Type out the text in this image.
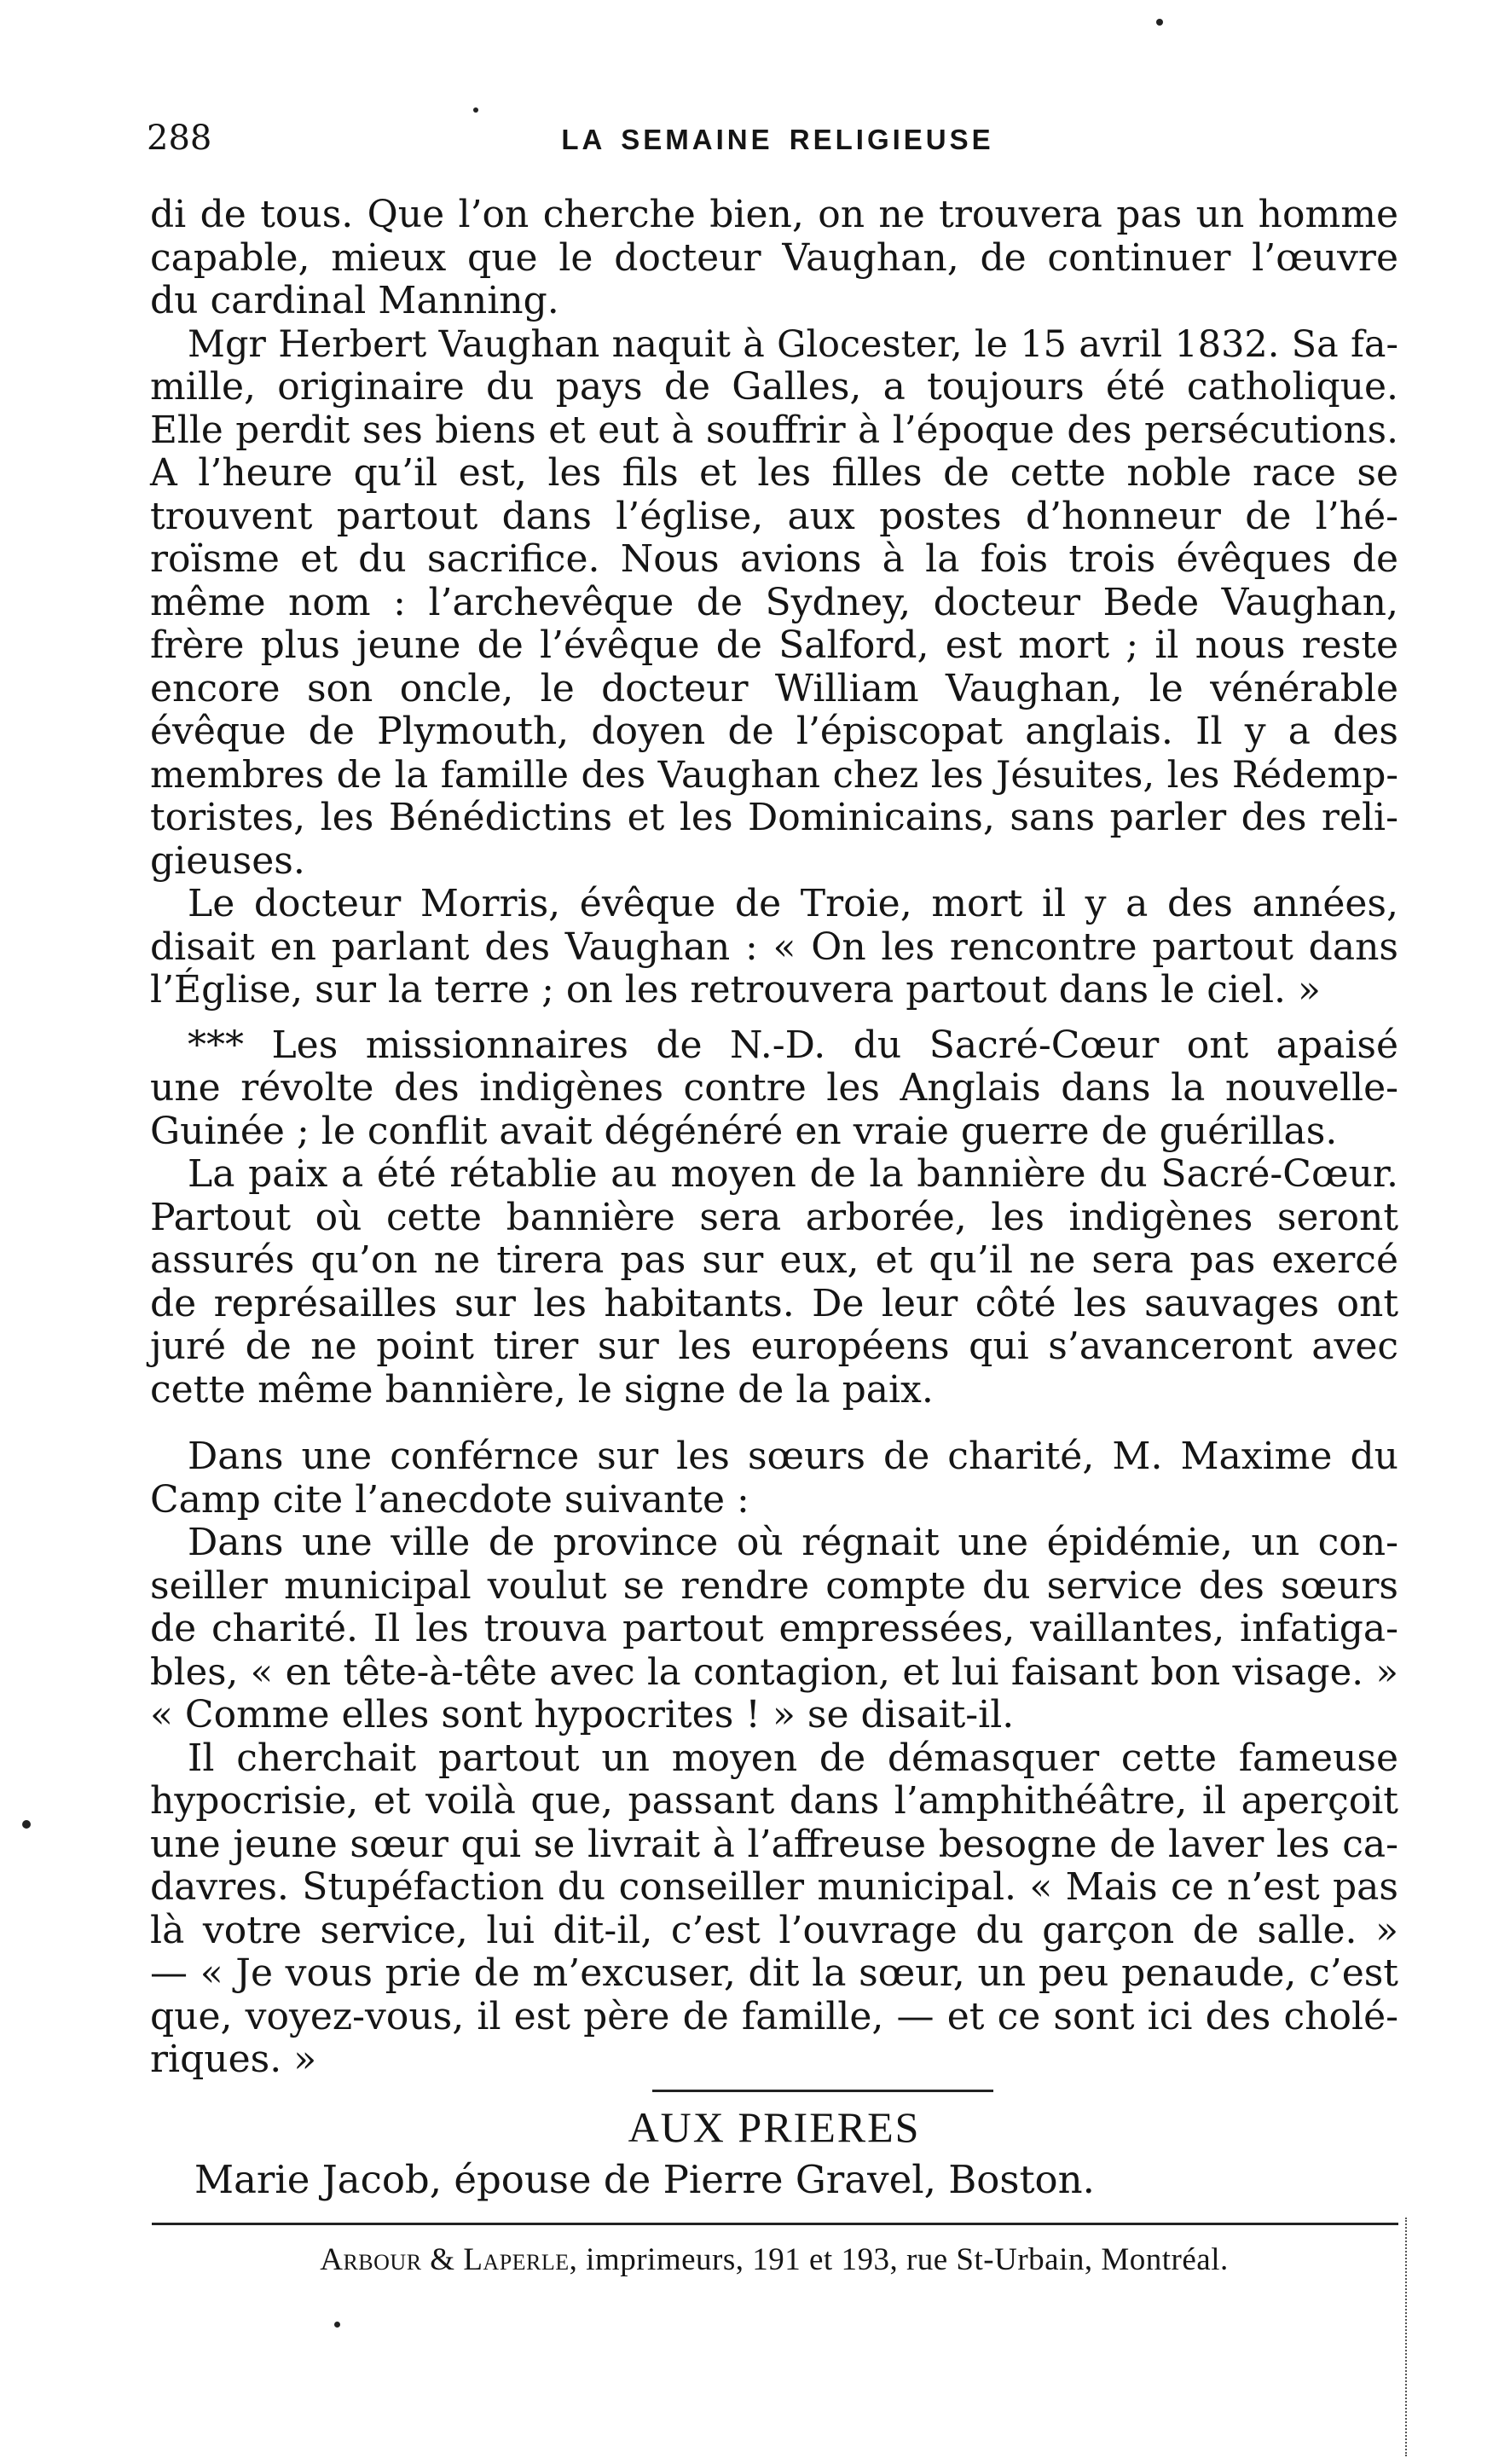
288	LA SEMAINE RELIGIEUSE
di de tous. Que l’on cherche bien, on ne trouvera pas un homme
capable, mieux que le docteur Vaughan, de continuer l’œuvre
du cardinal Manning.
Mgr Herbert Vaughan naquit à Glocester, le 15 avril 1832. Sa fa-
mille, originaire du pays de Galles, a toujours été catholique.
Elle perdit ses biens et eut à souffrir à l’époque des persécutions.
A l’heure qu’il est, les fils et les filles de cette noble race se
trouvent partout dans l’église, aux postes d’honneur de l’hé-
roïsme et du sacrifice. Nous avions à la fois trois évêques de
même nom : l’archevêque de Sydney, docteur Bede Vaughan,
frère plus jeune de l’évêque de Salford, est mort ; il nous reste
encore son oncle, le docteur William Vaughan, le vénérable
évêque de Plymouth, doyen de l’épiscopat anglais. Il y a des
membres de la famille des Vaughan chez les Jésuites, les Rédemp-
toristes, les Bénédictins et les Dominicains, sans parler des reli-
gieuses.
Le docteur Morris, évêque de Troie, mort il y a des années,
disait en parlant des Vaughan : « On les rencontre partout dans
l’Église, sur la terre ; on les retrouvera partout dans le ciel. »
*** Les missionnaires de N.-D. du Sacré-Cœur ont apaisé
une révolte des indigènes contre les Anglais dans la nouvelle-
Guinée ; le conflit avait dégénéré en vraie guerre de guérillas.
La paix a été rétablie au moyen de la bannière du Sacré-Cœur.
Partout où cette bannière sera arborée, les indigènes seront
assurés qu’on ne tirera pas sur eux, et qu’il ne sera pas exercé
de représailles sur les habitants. De leur côté les sauvages ont
juré de ne point tirer sur les européens qui s’avanceront avec
cette même bannière, le signe de la paix.
Dans une conférnce sur les sœurs de charité, M. Maxime du
Camp cite l’anecdote suivante :
Dans une ville de province où régnait une épidémie, un con-
seiller municipal voulut se rendre compte du service des sœurs
de charité. Il les trouva partout empressées, vaillantes, infatiga-
bles, « en tête-à-tête avec la contagion, et lui faisant bon visage. »
« Comme elles sont hypocrites ! » se disait-il.
Il cherchait partout un moyen de démasquer cette fameuse
hypocrisie, et voilà que, passant dans l’amphithéâtre, il aperçoit
une jeune sœur qui se livrait à l’affreuse besogne de laver les ca-
davres. Stupéfaction du conseiller municipal. « Mais ce n’est pas
là votre service, lui dit-il, c’est l’ouvrage du garçon de salle. »
— « Je vous prie de m’excuser, dit la sœur, un peu penaude, c’est
que, voyez-vous, il est père de famille, — et ce sont ici des cholé-
riques. »
AUX PRIERES
Marie Jacob, épouse de Pierre Gravel, Boston.
Arbour & Laperle, imprimeurs, 191 et 193, rue St-Urbain, Montréal.
